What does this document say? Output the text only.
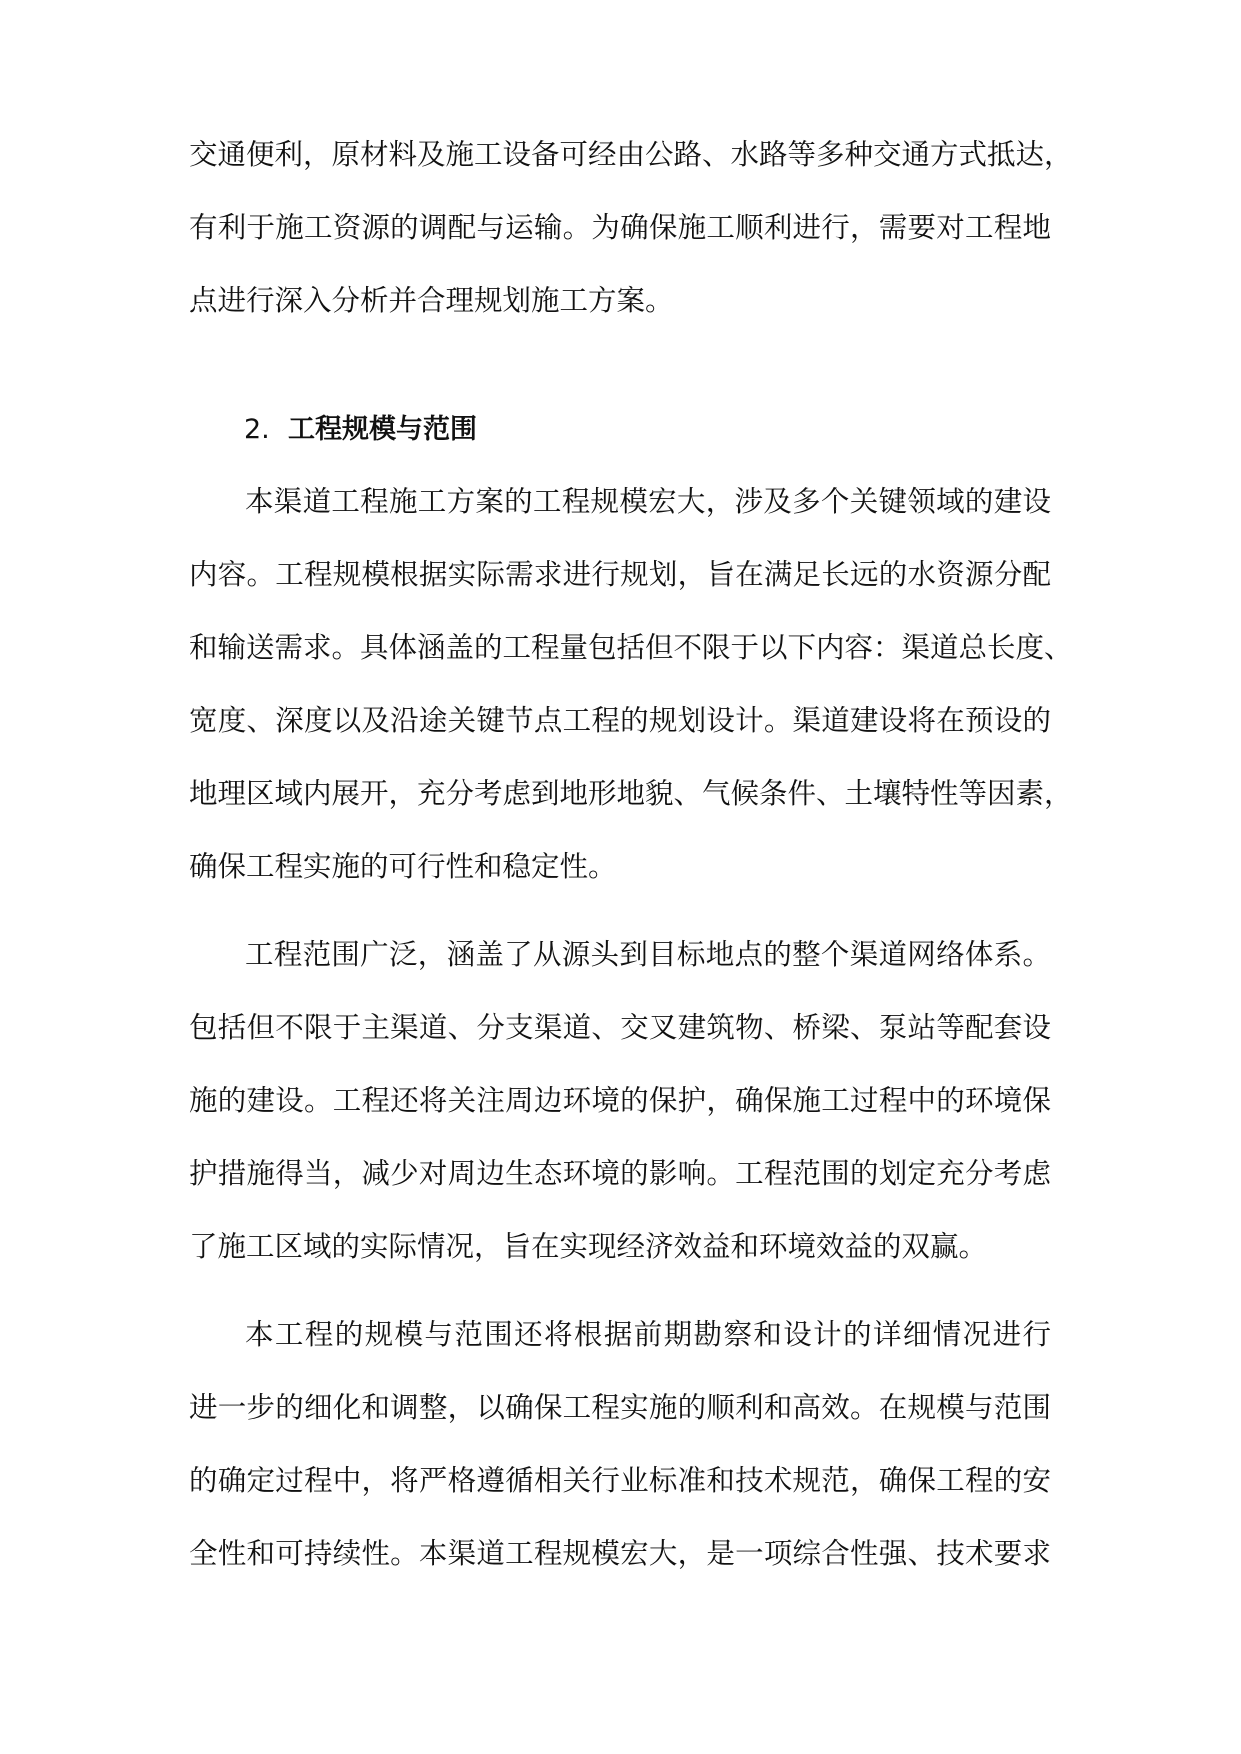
交通便利，原材料及施工设备可经由公路、水路等多种交通方式抵达，

有利于施工资源的调配与运输。为确保施工顺利进行，需要对工程地

点进行深入分析并合理规划施工方案。

2. 工程规模与范围

本渠道工程施工方案的工程规模宏大，涉及多个关键领域的建设

内容。工程规模根据实际需求进行规划，旨在满足长远的水资源分配

和输送需求。具体涵盖的工程量包括但不限于以下内容：渠道总长度、

宽度、深度以及沿途关键节点工程的规划设计。渠道建设将在预设的

地理区域内展开，充分考虑到地形地貌、气候条件、土壤特性等因素，

确保工程实施的可行性和稳定性。

工程范围广泛，涵盖了从源头到目标地点的整个渠道网络体系。

包括但不限于主渠道、分支渠道、交叉建筑物、桥梁、泵站等配套设

施的建设。工程还将关注周边环境的保护，确保施工过程中的环境保

护措施得当，减少对周边生态环境的影响。工程范围的划定充分考虑

了施工区域的实际情况，旨在实现经济效益和环境效益的双赢。

本工程的规模与范围还将根据前期勘察和设计的详细情况进行

进一步的细化和调整，以确保工程实施的顺利和高效。在规模与范围

的确定过程中，将严格遵循相关行业标准和技术规范，确保工程的安

全性和可持续性。本渠道工程规模宏大，是一项综合性强、技术要求
